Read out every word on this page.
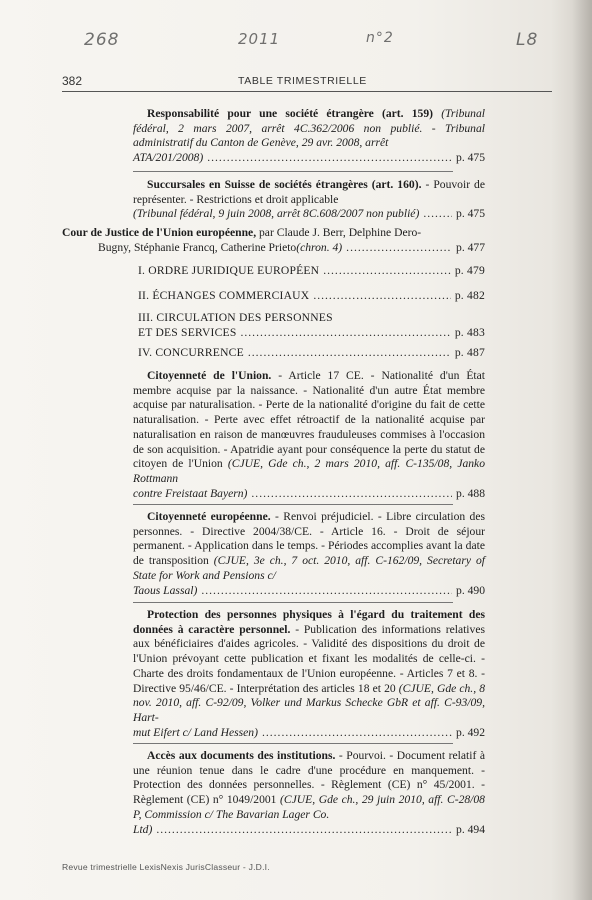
268	2011	n°2	L8
382	TABLE TRIMESTRIELLE
Responsabilité pour une société étrangère (art. 159) (Tribunal fédéral, 2 mars 2007, arrêt 4C.362/2006 non publié. - Tribunal administratif du Canton de Genève, 29 avr. 2008, arrêt
ATA/201/2008) .....	p. 475
Succursales en Suisse de sociétés étrangères (art. 160). - Pouvoir de représenter. - Restrictions et droit applicable
(Tribunal fédéral, 9 juin 2008, arrêt 8C.608/2007 non publié) .....	p. 475
Cour de Justice de l'Union européenne, par Claude J. Berr, Delphine Dero-
Bugny, Stéphanie Francq, Catherine Prieto (chron. 4) .....	p. 477
I. ORDRE JURIDIQUE EUROPÉEN .....	p. 479
II. ÉCHANGES COMMERCIAUX .....	p. 482
III. CIRCULATION DES PERSONNES
ET DES SERVICES .....	p. 483
IV. CONCURRENCE .....	p. 487
Citoyenneté de l'Union. - Article 17 CE. - Nationalité d'un État membre acquise par la naissance. - Nationalité d'un autre État membre acquise par naturalisation. - Perte de la nationalité d'origine du fait de cette naturalisation. - Perte avec effet rétroactif de la nationalité acquise par naturalisation en raison de manœuvres frauduleuses commises à l'occasion de son acquisition. - Apatridie ayant pour conséquence la perte du statut de citoyen de l'Union (CJUE, Gde ch., 2 mars 2010, aff. C-135/08, Janko Rottmann
contre Freistaat Bayern) .....	p. 488
Citoyenneté européenne. - Renvoi préjudiciel. - Libre circulation des personnes. - Directive 2004/38/CE. - Article 16. - Droit de séjour permanent. - Application dans le temps. - Périodes accomplies avant la date de transposition (CJUE, 3e ch., 7 oct. 2010, aff. C-162/09, Secretary of State for Work and Pensions c/
Taous Lassal) .....	p. 490
Protection des personnes physiques à l'égard du traitement des données à caractère personnel. - Publication des informations relatives aux bénéficiaires d'aides agricoles. - Validité des dispositions du droit de l'Union prévoyant cette publication et fixant les modalités de celle-ci. - Charte des droits fondamentaux de l'Union européenne. - Articles 7 et 8. - Directive 95/46/CE. - Interprétation des articles 18 et 20 (CJUE, Gde ch., 8 nov. 2010, aff. C-92/09, Volker und Markus Schecke GbR et aff. C-93/09, Hart-
mut Eifert c/ Land Hessen) .....	p. 492
Accès aux documents des institutions. - Pourvoi. - Document relatif à une réunion tenue dans le cadre d'une procédure en manquement. - Protection des données personnelles. - Règlement (CE) n° 45/2001. - Règlement (CE) n° 1049/2001 (CJUE, Gde ch., 29 juin 2010, aff. C-28/08 P, Commission c/ The Bavarian Lager Co.
Ltd) .....	p. 494
Revue trimestrielle LexisNexis JurisClasseur - J.D.I.
